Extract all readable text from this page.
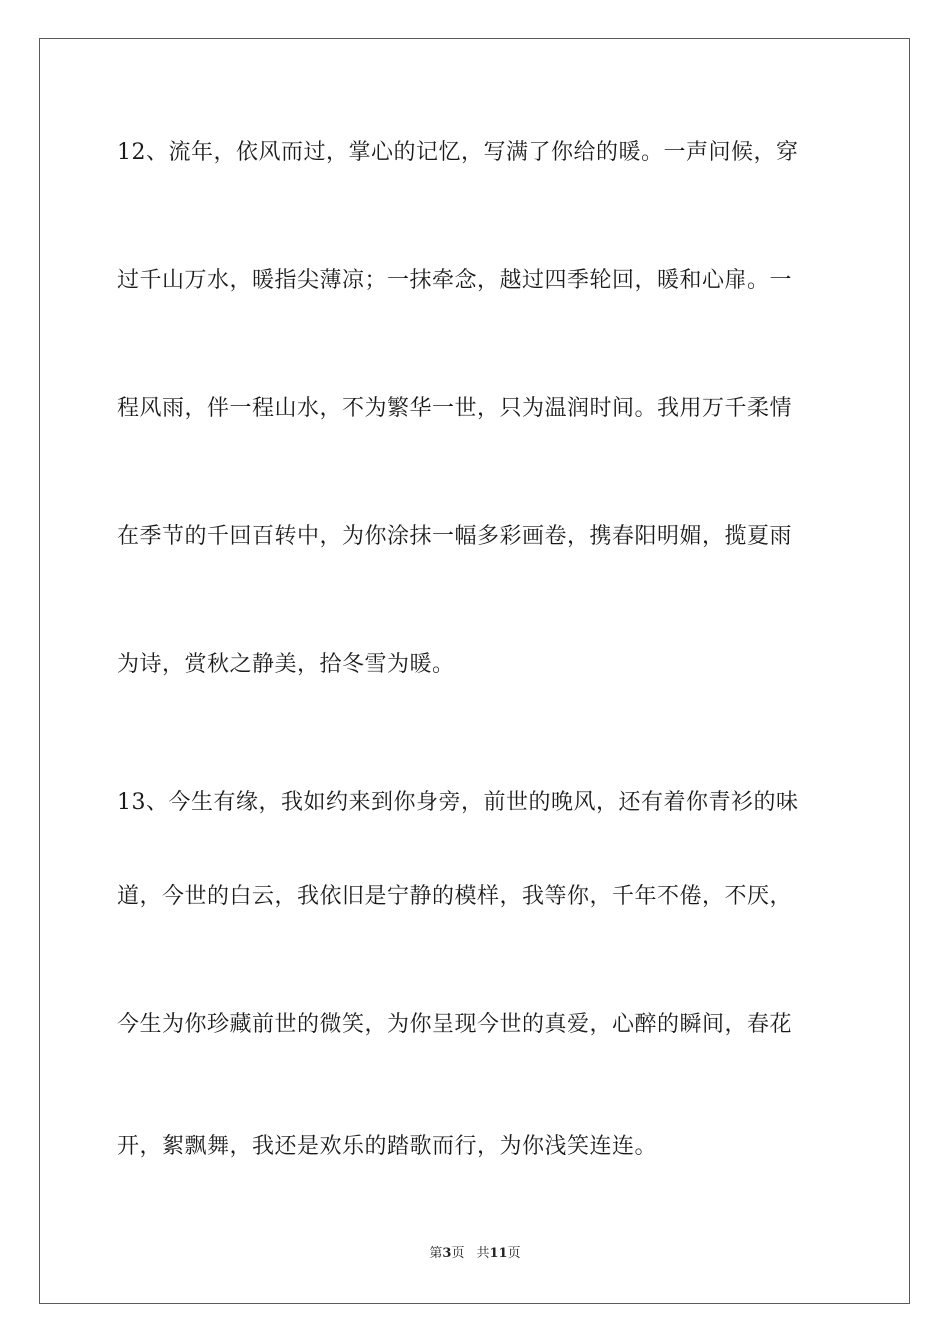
12、流年，依风而过，掌心的记忆，写满了你给的暖。一声问候，穿
过千山万水，暖指尖薄凉；一抹牵念，越过四季轮回，暖和心扉。一
程风雨，伴一程山水，不为繁华一世，只为温润时间。我用万千柔情
在季节的千回百转中，为你涂抹一幅多彩画卷，携春阳明媚，揽夏雨
为诗，赏秋之静美，拾冬雪为暖。
13、今生有缘，我如约来到你身旁，前世的晚风，还有着你青衫的味
道，今世的白云，我依旧是宁静的模样，我等你，千年不倦，不厌，
今生为你珍藏前世的微笑，为你呈现今世的真爱，心醉的瞬间，春花
开，絮飘舞，我还是欢乐的踏歌而行，为你浅笑连连。
第3页 共11页
